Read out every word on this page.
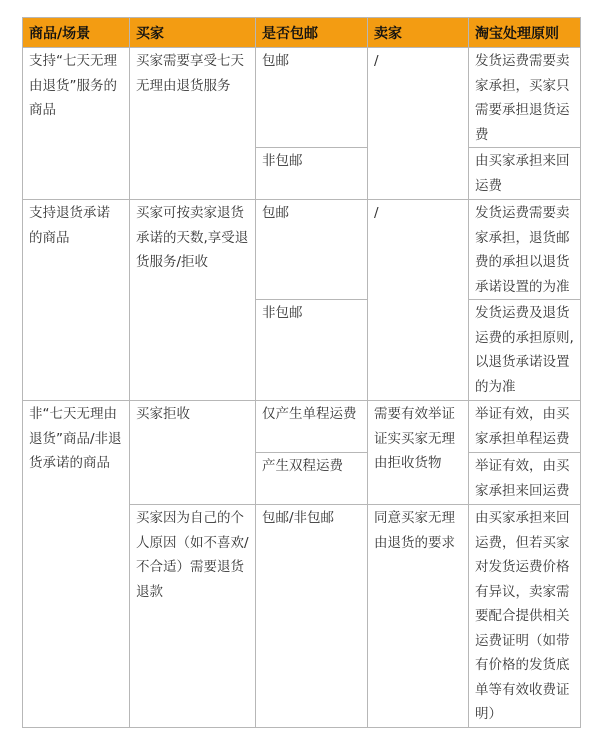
商品/场景	买家	是否包邮	卖家	淘宝处理原则
支持“七天无理由退货”服务的商品	买家需要享受七天无理由退货服务	包邮	/	发货运费需要卖家承担，买家只需要承担退货运费
		非包邮		由买家承担来回运费
支持退货承诺的商品	买家可按卖家退货承诺的天数,享受退货服务/拒收	包邮	/	发货运费需要卖家承担，退货邮费的承担以退货承诺设置的为准
		非包邮		发货运费及退货运费的承担原则,以退货承诺设置的为准
非“七天无理由退货”商品/非退货承诺的商品	买家拒收	仅产生单程运费	需要有效举证证实买家无理由拒收货物	举证有效，由买家承担单程运费
		产生双程运费		举证有效，由买家承担来回运费
	买家因为自己的个人原因（如不喜欢/不合适）需要退货退款	包邮/非包邮	同意买家无理由退货的要求	由买家承担来回运费，但若买家对发货运费价格有异议，卖家需要配合提供相关运费证明（如带有价格的发货底单等有效收费证明）
